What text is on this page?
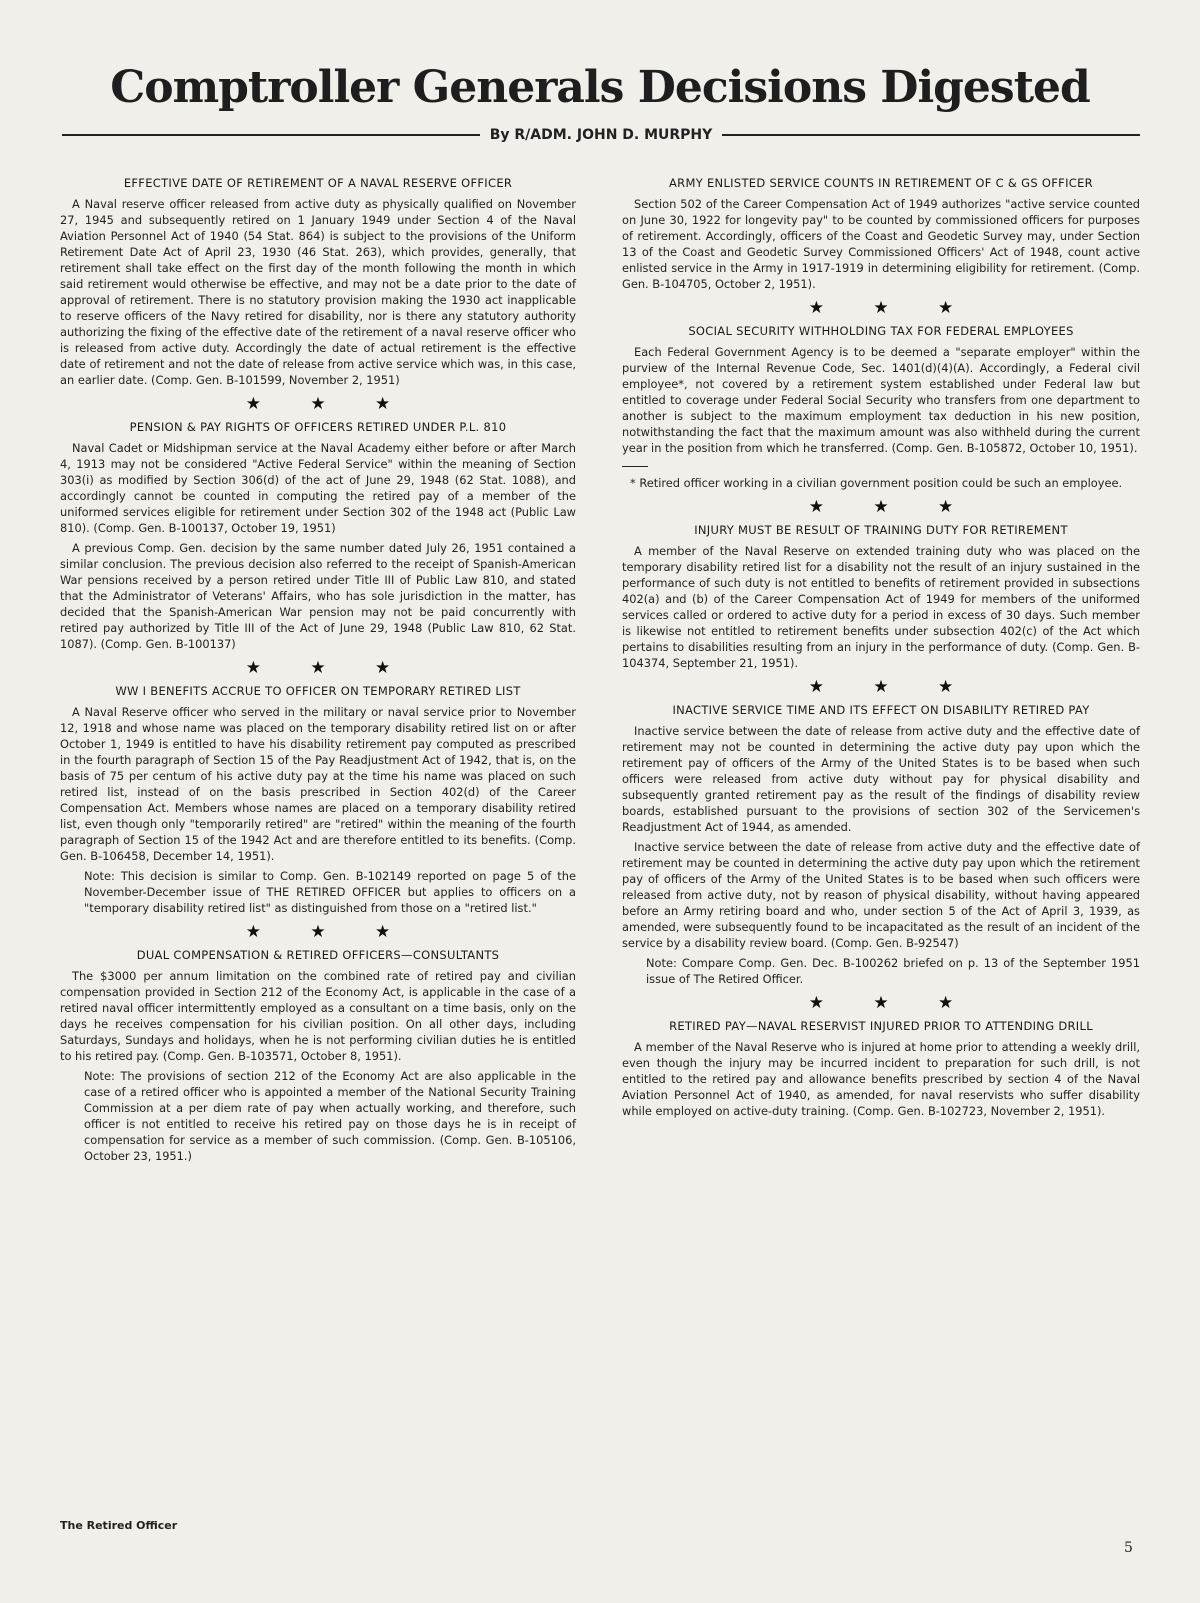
Comptroller Generals Decisions Digested
By R/ADM. JOHN D. MURPHY
EFFECTIVE DATE OF RETIREMENT OF A NAVAL RESERVE OFFICER

A Naval reserve officer released from active duty as physically qualified on November 27, 1945 and subsequently retired on 1 January 1949 under Section 4 of the Naval Aviation Personnel Act of 1940 (54 Stat. 864) is subject to the provisions of the Uniform Retirement Date Act of April 23, 1930 (46 Stat. 263), which provides, generally, that retirement shall take effect on the first day of the month following the month in which said retirement would otherwise be effective, and may not be a date prior to the date of approval of retirement. There is no statutory provision making the 1930 act inapplicable to reserve officers of the Navy retired for disability, nor is there any statutory authority authorizing the fixing of the effective date of the retirement of a naval reserve officer who is released from active duty. Accordingly the date of actual retirement is the effective date of retirement and not the date of release from active service which was, in this case, an earlier date. (Comp. Gen. B-101599, November 2, 1951)

★ ★ ★
PENSION & PAY RIGHTS OF OFFICERS RETIRED UNDER P.L. 810

Naval Cadet or Midshipman service at the Naval Academy either before or after March 4, 1913 may not be considered "Active Federal Service" within the meaning of Section 303(i) as modified by Section 306(d) of the act of June 29, 1948 (62 Stat. 1088), and accordingly cannot be counted in computing the retired pay of a member of the uniformed services eligible for retirement under Section 302 of the 1948 act (Public Law 810). (Comp. Gen. B-100137, October 19, 1951)

A previous Comp. Gen. decision by the same number dated July 26, 1951 contained a similar conclusion. The previous decision also referred to the receipt of Spanish-American War pensions received by a person retired under Title III of Public Law 810, and stated that the Administrator of Veterans' Affairs, who has sole jurisdiction in the matter, has decided that the Spanish-American War pension may not be paid concurrently with retired pay authorized by Title III of the Act of June 29, 1948 (Public Law 810, 62 Stat. 1087). (Comp. Gen. B-100137)

★ ★ ★
WW I BENEFITS ACCRUE TO OFFICER ON TEMPORARY RETIRED LIST

A Naval Reserve officer who served in the military or naval service prior to November 12, 1918 and whose name was placed on the temporary disability retired list on or after October 1, 1949 is entitled to have his disability retirement pay computed as prescribed in the fourth paragraph of Section 15 of the Pay Readjustment Act of 1942, that is, on the basis of 75 per centum of his active duty pay at the time his name was placed on such retired list, instead of on the basis prescribed in Section 402(d) of the Career Compensation Act. Members whose names are placed on a temporary disability retired list, even though only "temporarily retired" are "retired" within the meaning of the fourth paragraph of Section 15 of the 1942 Act and are therefore entitled to its benefits. (Comp. Gen. B-106458, December 14, 1951).

Note: This decision is similar to Comp. Gen. B-102149 reported on page 5 of the November-December issue of THE RETIRED OFFICER but applies to officers on a "temporary disability retired list" as distinguished from those on a "retired list."

★ ★ ★
DUAL COMPENSATION & RETIRED OFFICERS—CONSULTANTS

The $3000 per annum limitation on the combined rate of retired pay and civilian compensation provided in Section 212 of the Economy Act, is applicable in the case of a retired naval officer intermittently employed as a consultant on a time basis, only on the days he receives compensation for his civilian position. On all other days, including Saturdays, Sundays and holidays, when he is not performing civilian duties he is entitled to his retired pay. (Comp. Gen. B-103571, October 8, 1951).

Note: The provisions of section 212 of the Economy Act are also applicable in the case of a retired officer who is appointed a member of the National Security Training Commission at a per diem rate of pay when actually working, and therefore, such officer is not entitled to receive his retired pay on those days he is in receipt of compensation for service as a member of such commission. (Comp. Gen. B-105106, October 23, 1951.)

ARMY ENLISTED SERVICE COUNTS IN RETIREMENT OF C & GS OFFICER

Section 502 of the Career Compensation Act of 1949 authorizes "active service counted on June 30, 1922 for longevity pay" to be counted by commissioned officers for purposes of retirement. Accordingly, officers of the Coast and Geodetic Survey may, under Section 13 of the Coast and Geodetic Survey Commissioned Officers' Act of 1948, count active enlisted service in the Army in 1917-1919 in determining eligibility for retirement. (Comp. Gen. B-104705, October 2, 1951).

★ ★ ★
SOCIAL SECURITY WITHHOLDING TAX FOR FEDERAL EMPLOYEES

Each Federal Government Agency is to be deemed a "separate employer" within the purview of the Internal Revenue Code, Sec. 1401(d)(4)(A). Accordingly, a Federal civil employee*, not covered by a retirement system established under Federal law but entitled to coverage under Federal Social Security who transfers from one department to another is subject to the maximum employment tax deduction in his new position, notwithstanding the fact that the maximum amount was also withheld during the current year in the position from which he transferred. (Comp. Gen. B-105872, October 10, 1951).

* Retired officer working in a civilian government position could be such an employee.

★ ★ ★
INJURY MUST BE RESULT OF TRAINING DUTY FOR RETIREMENT

A member of the Naval Reserve on extended training duty who was placed on the temporary disability retired list for a disability not the result of an injury sustained in the performance of such duty is not entitled to benefits of retirement provided in subsections 402(a) and (b) of the Career Compensation Act of 1949 for members of the uniformed services called or ordered to active duty for a period in excess of 30 days. Such member is likewise not entitled to retirement benefits under subsection 402(c) of the Act which pertains to disabilities resulting from an injury in the performance of duty. (Comp. Gen. B-104374, September 21, 1951).

★ ★ ★
INACTIVE SERVICE TIME AND ITS EFFECT ON DISABILITY RETIRED PAY

Inactive service between the date of release from active duty and the effective date of retirement may not be counted in determining the active duty pay upon which the retirement pay of officers of the Army of the United States is to be based when such officers were released from active duty without pay for physical disability and subsequently granted retirement pay as the result of the findings of disability review boards, established pursuant to the provisions of section 302 of the Servicemen's Readjustment Act of 1944, as amended.

Inactive service between the date of release from active duty and the effective date of retirement may be counted in determining the active duty pay upon which the retirement pay of officers of the Army of the United States is to be based when such officers were released from active duty, not by reason of physical disability, without having appeared before an Army retiring board and who, under section 5 of the Act of April 3, 1939, as amended, were subsequently found to be incapacitated as the result of an incident of the service by a disability review board. (Comp. Gen. B-92547)

Note: Compare Comp. Gen. Dec. B-100262 briefed on p. 13 of the September 1951 issue of The Retired Officer.

★ ★ ★
RETIRED PAY—NAVAL RESERVIST INJURED PRIOR TO ATTENDING DRILL

A member of the Naval Reserve who is injured at home prior to attending a weekly drill, even though the injury may be incurred incident to preparation for such drill, is not entitled to the retired pay and allowance benefits prescribed by section 4 of the Naval Aviation Personnel Act of 1940, as amended, for naval reservists who suffer disability while employed on active-duty training. (Comp. Gen. B-102723, November 2, 1951).

The Retired Officer
5
